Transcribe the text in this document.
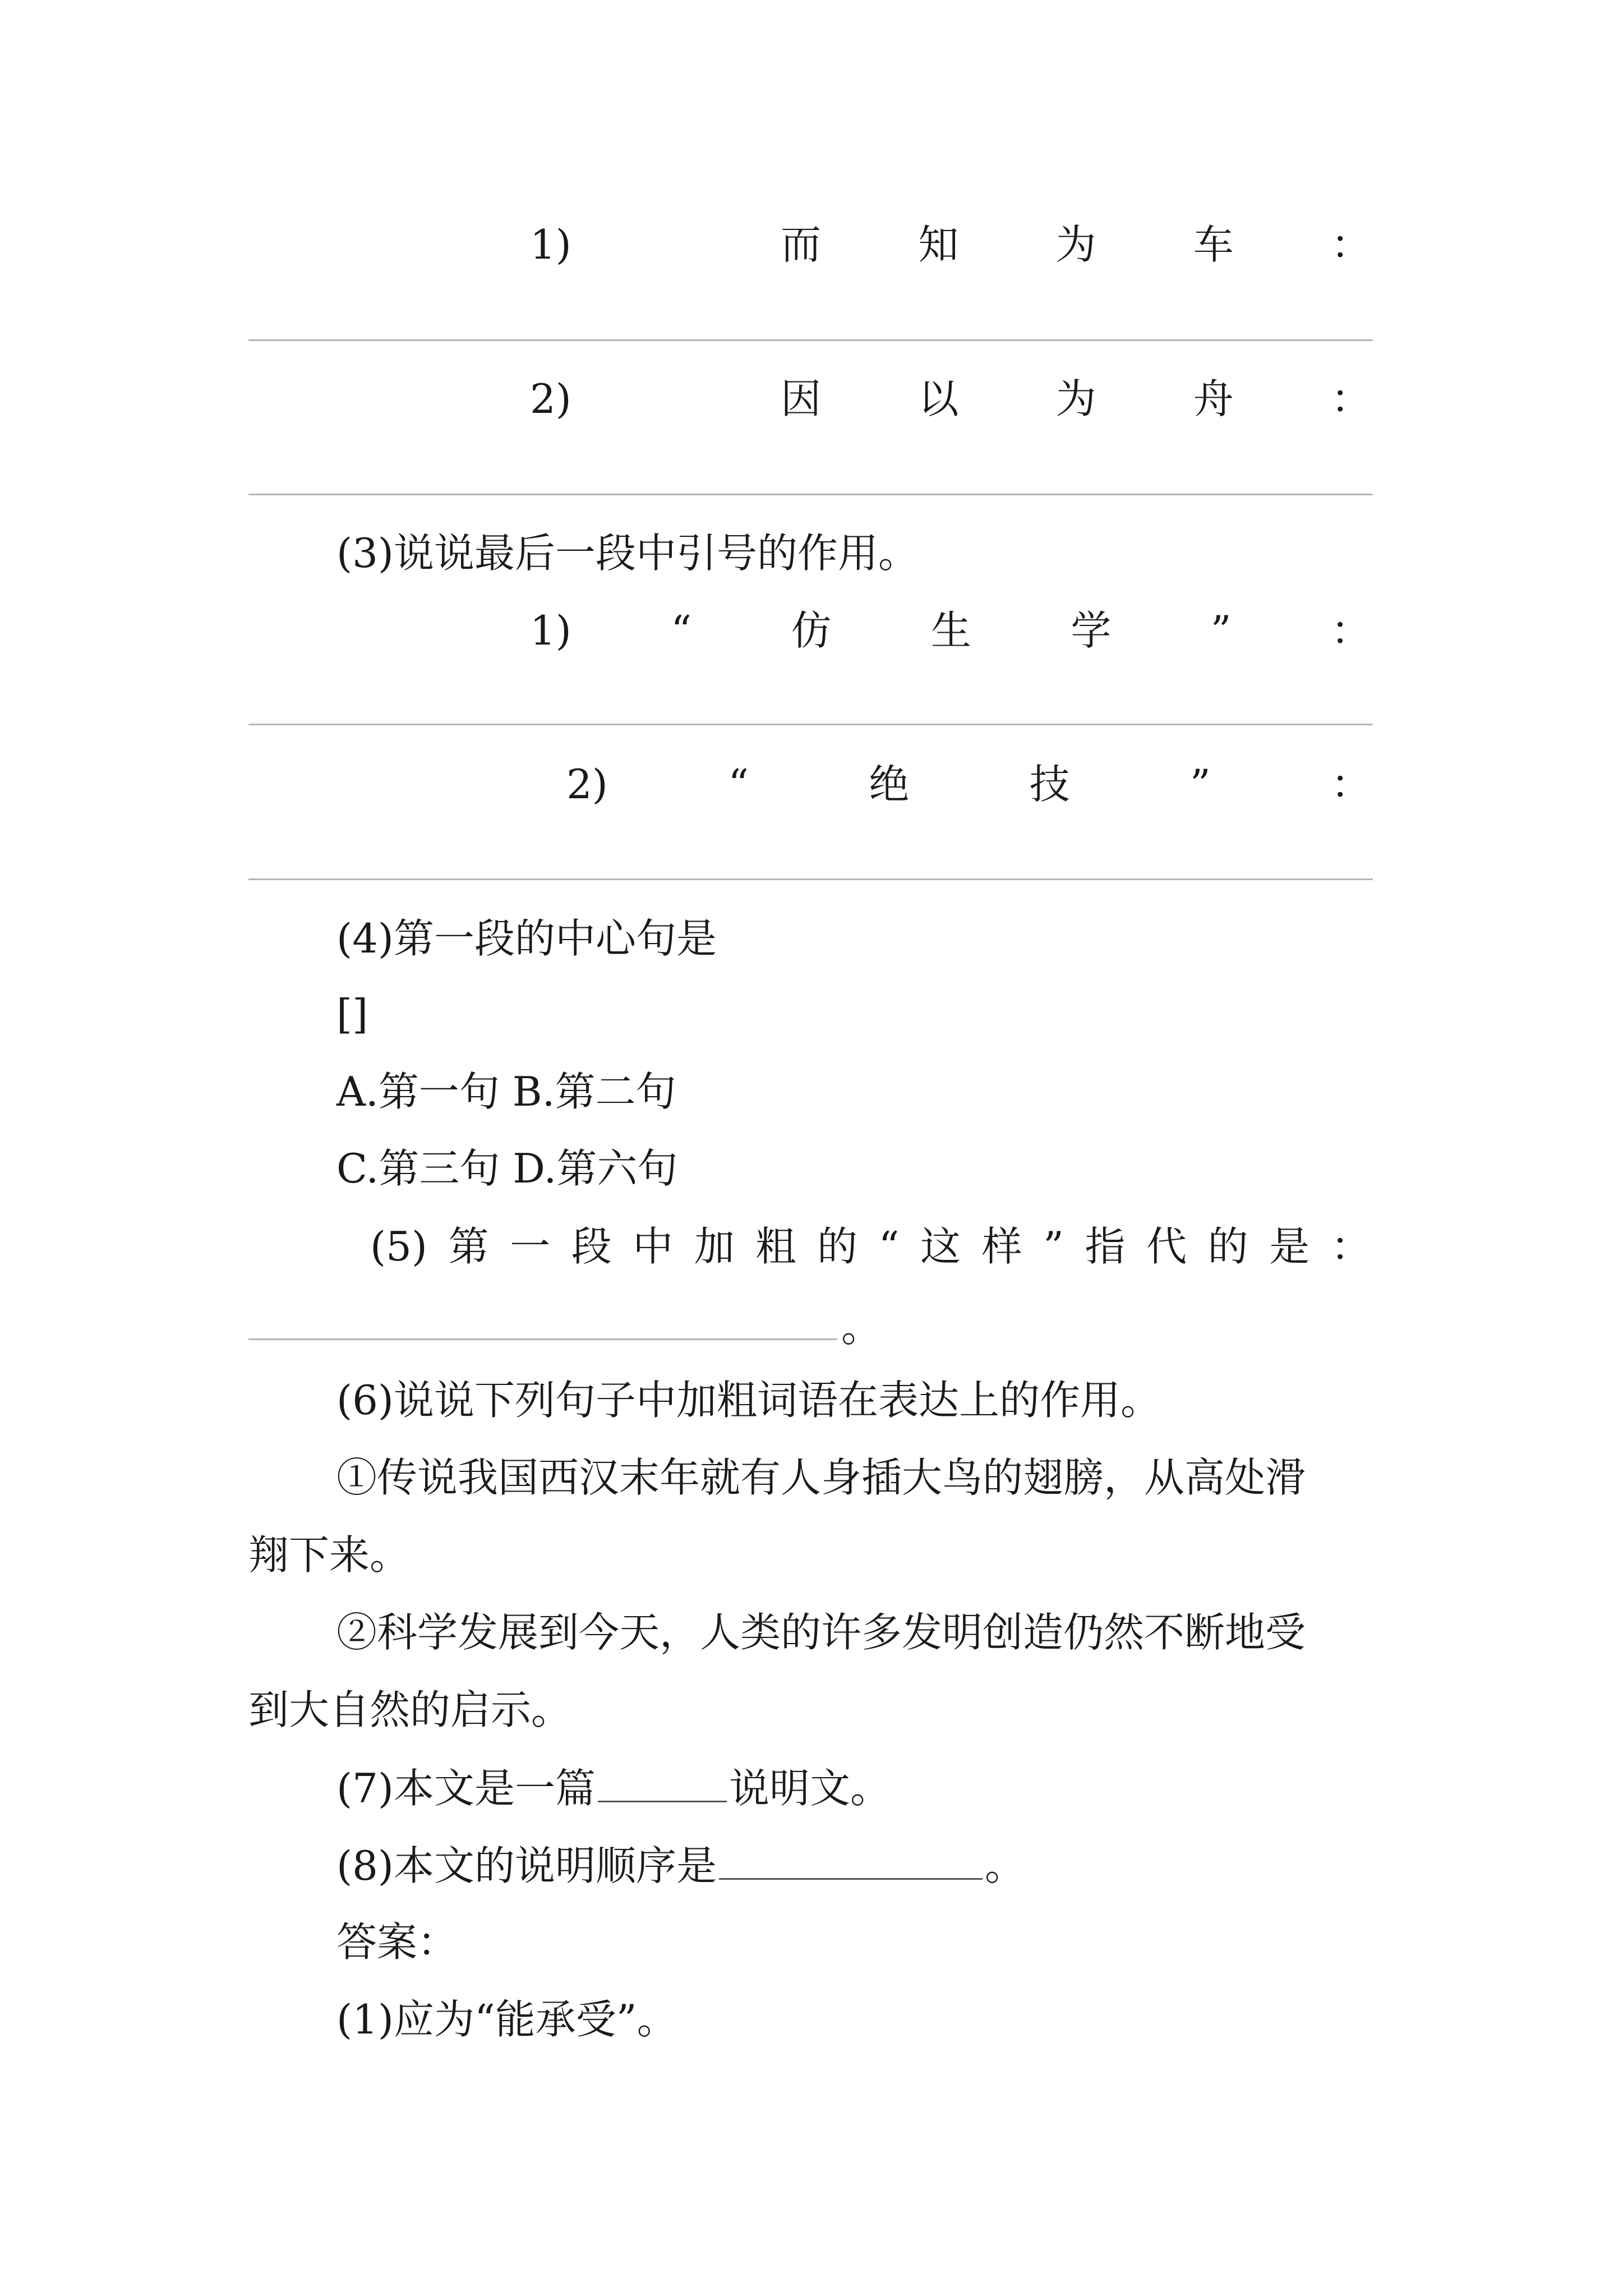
1)	而 知 为 车 ：
2)	因 以 为 舟 ：
(3)说说最后一段中引号的作用。
1) “ 仿 生 学 ” ：
2)	“	绝	技	”	：
(4)第一段的中心句是
[]
A.第一句 B.第二句
C.第三句 D.第六句
(5) 第 一 段 中 加 粗 的 “ 这 样 ” 指 代 的 是 ：
。
(6)说说下列句子中加粗词语在表达上的作用。
①传说我国西汉末年就有人身插大鸟的翅膀，从高处滑
翔下来。
②科学发展到今天，人类的许多发明创造仍然不断地受
到大自然的启示。
(7)本文是一篇	说明文。
(8)本文的说明顺序是	。
答案：
(1)应为“能承受”。
